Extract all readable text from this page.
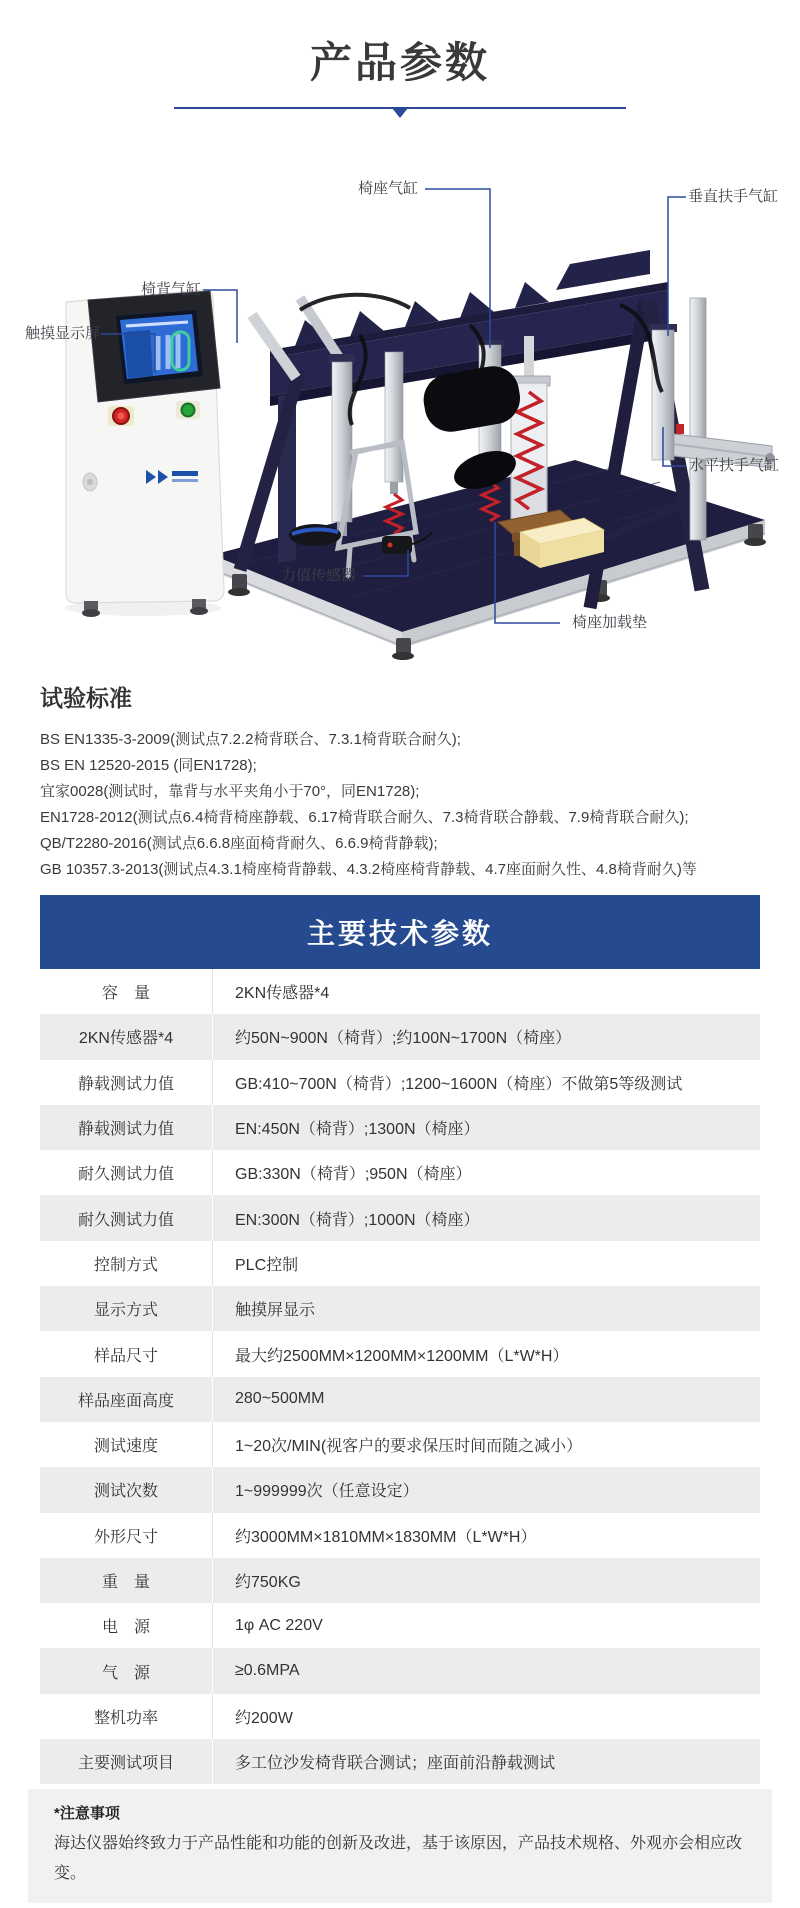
产品参数
椅座气缸	垂直扶手气缸
椅背气缸
触摸显示屏
水平扶手气缸
力值传感器
椅座加载垫
试验标准
BS EN1335-3-2009(测试点7.2.2椅背联合、7.3.1椅背联合耐久);
BS EN 12520-2015 (同EN1728);
宜家0028(测试时，靠背与水平夹角小于70°，同EN1728);
EN1728-2012(测试点6.4椅背椅座静载、6.17椅背联合耐久、7.3椅背联合静载、7.9椅背联合耐久);
QB/T2280-2016(测试点6.6.8座面椅背耐久、6.6.9椅背静载);
GB 10357.3-2013(测试点4.3.1椅座椅背静载、4.3.2椅座椅背静载、4.7座面耐久性、4.8椅背耐久)等
主要技术参数
容　量	2KN传感器*4
2KN传感器*4	约50N~900N（椅背）;约100N~1700N（椅座）
静载测试力值	GB:410~700N（椅背）;1200~1600N（椅座）不做第5等级测试
静载测试力值	EN:450N（椅背）;1300N（椅座）
耐久测试力值	GB:330N（椅背）;950N（椅座）
耐久测试力值	EN:300N（椅背）;1000N（椅座）
控制方式	PLC控制
显示方式	触摸屏显示
样品尺寸	最大约2500MM×1200MM×1200MM（L*W*H）
样品座面高度	280~500MM
测试速度	1~20次/MIN(视客户的要求保压时间而随之减小）
测试次数	1~999999次（任意设定）
外形尺寸	约3000MM×1810MM×1830MM（L*W*H）
重　量	约750KG
电　源	1φ AC 220V
气　源	≥0.6MPA
整机功率	约200W
主要测试项目	多工位沙发椅背联合测试；座面前沿静载测试

*注意事项

海达仪器始终致力于产品性能和功能的创新及改进，基于该原因，产品技术规格、外观亦会相应改变。
